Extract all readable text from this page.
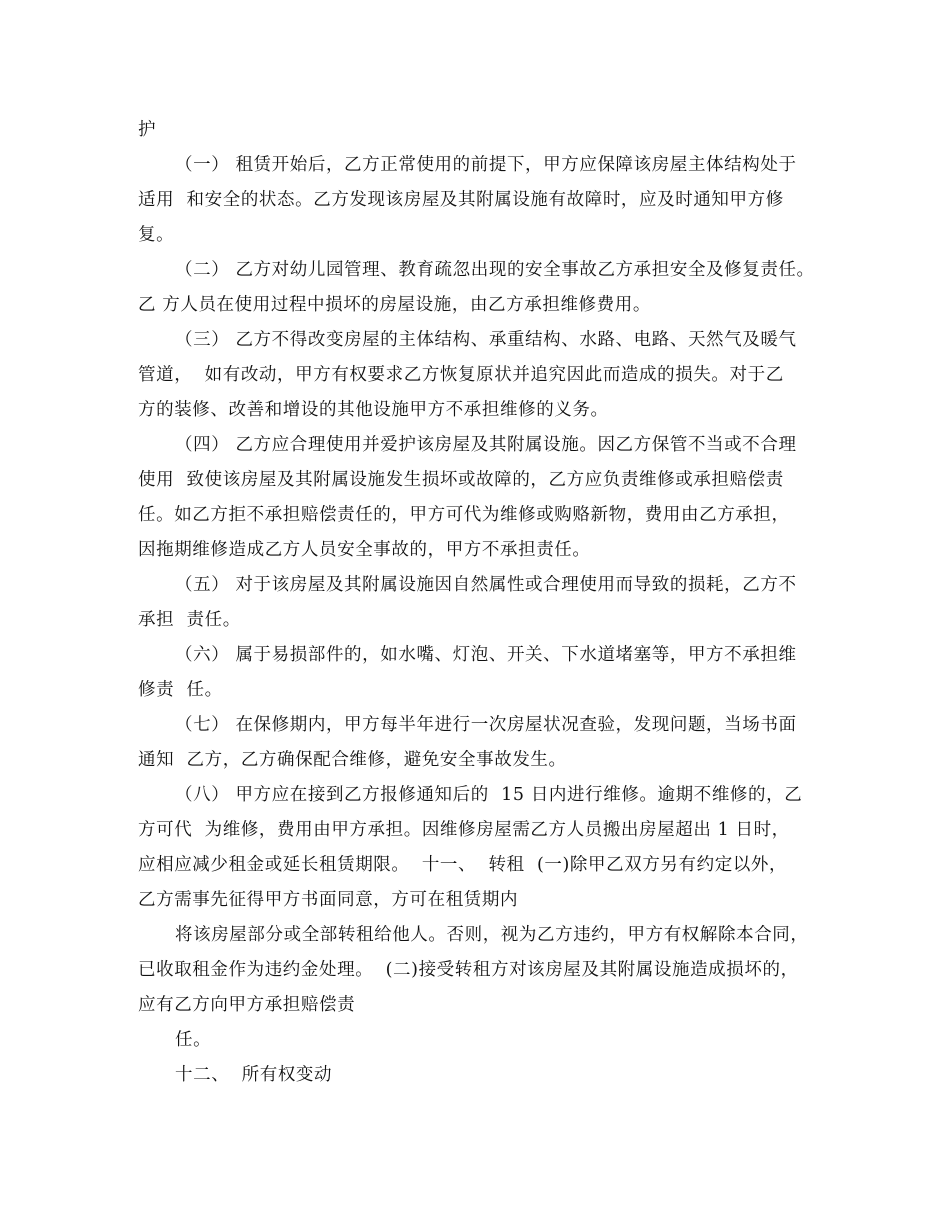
护
（一） 租赁开始后，乙方正常使用的前提下，甲方应保障该房屋主体结构处于
适用  和安全的状态。乙方发现该房屋及其附属设施有故障时，应及时通知甲方修
复。
（二） 乙方对幼儿园管理、教育疏忽出现的安全事故乙方承担安全及修复责任。
乙 方人员在使用过程中损坏的房屋设施，由乙方承担维修费用。
（三） 乙方不得改变房屋的主体结构、承重结构、水路、电路、天然气及暖气
管道，  如有改动，甲方有权要求乙方恢复原状并追究因此而造成的损失。对于乙
方的装修、改善和增设的其他设施甲方不承担维修的义务。
（四） 乙方应合理使用并爱护该房屋及其附属设施。因乙方保管不当或不合理
使用  致使该房屋及其附属设施发生损坏或故障的，乙方应负责维修或承担赔偿责
任。如乙方拒不承担赔偿责任的，甲方可代为维修或购赂新物，费用由乙方承担，
因拖期维修造成乙方人员安全事故的，甲方不承担责任。
（五） 对于该房屋及其附属设施因自然属性或合理使用而导致的损耗，乙方不
承担  责任。
（六） 属于易损部件的，如水嘴、灯泡、开关、下水道堵塞等，甲方不承担维
修责  任。
（七） 在保修期内，甲方每半年进行一次房屋状况查验，发现问题，当场书面
通知  乙方，乙方确保配合维修，避免安全事故发生。
（八） 甲方应在接到乙方报修通知后的  15 日内进行维修。逾期不维修的，乙
方可代  为维修，费用由甲方承担。因维修房屋需乙方人员搬出房屋超出 1 日时，
应相应减少租金或延长租赁期限。  十一、  转租  (一)除甲乙双方另有约定以外，
乙方需事先征得甲方书面同意，方可在租赁期内
将该房屋部分或全部转租给他人。否则，视为乙方违约，甲方有权解除本合同，
已收取租金作为违约金处理。  (二)接受转租方对该房屋及其附属设施造成损坏的，
应有乙方向甲方承担赔偿责
任。
十二、  所有权变动
